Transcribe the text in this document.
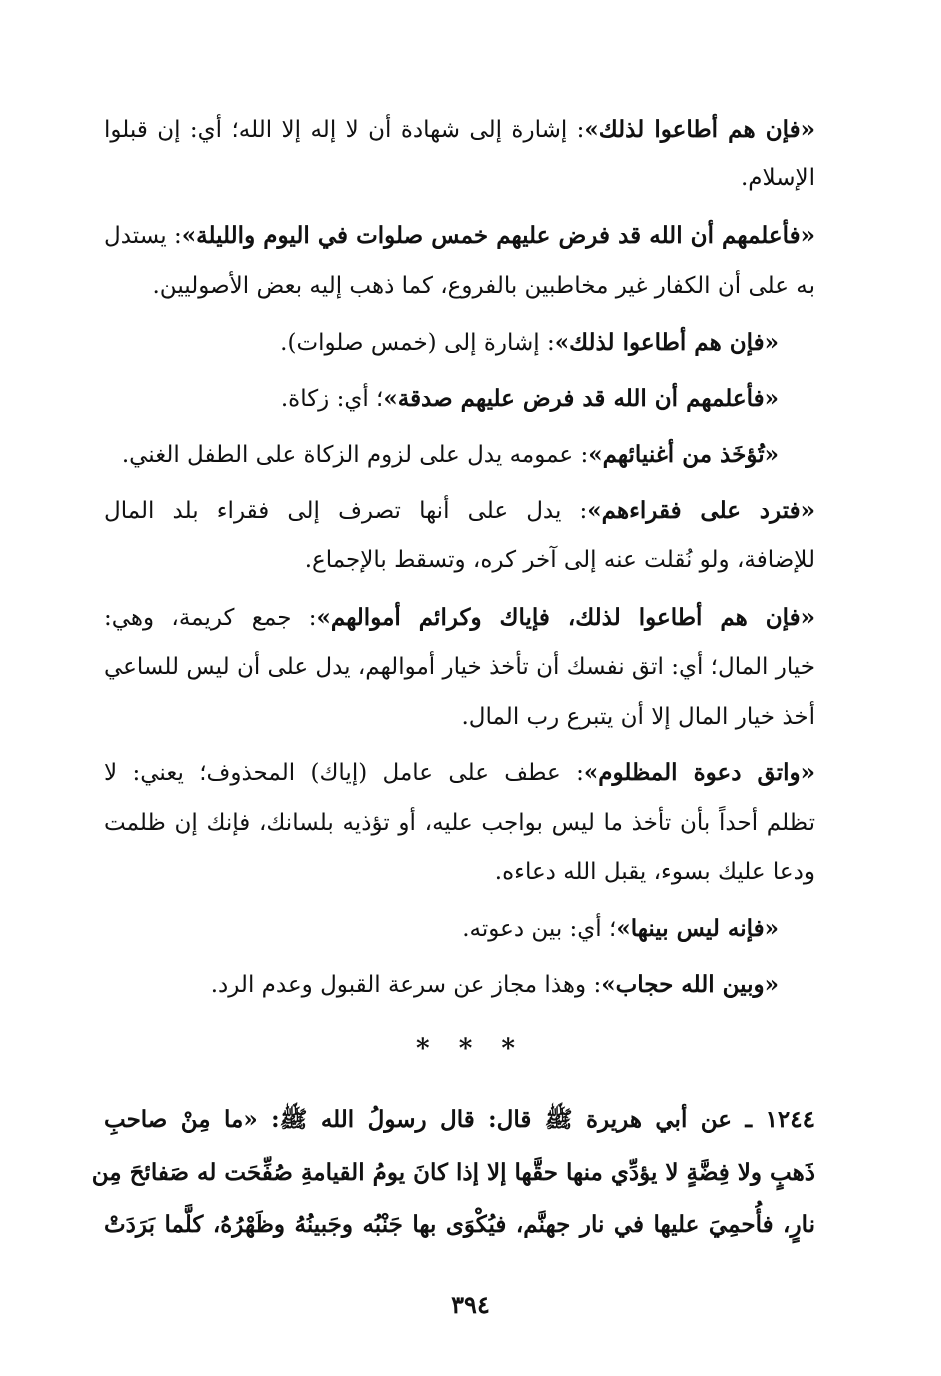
«فإن هم أطاعوا لذلك»: إشارة إلى شهادة أن لا إله إلا الله؛ أي: إن قبلوا
الإسلام.
«فأعلمهم أن الله قد فرض عليهم خمس صلوات في اليوم والليلة»: يستدل
به على أن الكفار غير مخاطبين بالفروع، كما ذهب إليه بعض الأصوليين.
«فإن هم أطاعوا لذلك»: إشارة إلى (خمس صلوات).
«فأعلمهم أن الله قد فرض عليهم صدقة»؛ أي: زكاة.
«تُؤخَذ من أغنيائهم»: عمومه يدل على لزوم الزكاة على الطفل الغني.
«فترد على فقراءهم»: يدل على أنها تصرف إلى فقراء بلد المال
للإضافة، ولو نُقلت عنه إلى آخر كره، وتسقط بالإجماع.
«فإن هم أطاعوا لذلك، فإياك وكرائم أموالهم»: جمع كريمة، وهي:
خيار المال؛ أي: اتق نفسك أن تأخذ خيار أموالهم، يدل على أن ليس للساعي
أخذ خيار المال إلا أن يتبرع رب المال.
«واتق دعوة المظلوم»: عطف على عامل (إياك) المحذوف؛ يعني: لا
تظلم أحداً بأن تأخذ ما ليس بواجب عليه، أو تؤذيه بلسانك، فإنك إن ظلمت
ودعا عليك بسوء، يقبل الله دعاءه.
«فإنه ليس بينها»؛ أي: بين دعوته.
«وبين الله حجاب»: وهذا مجاز عن سرعة القبول وعدم الرد.
* * *
١٢٤٤ ـ عن أبي هريرة ﷺ قال: قال رسولُ الله ﷺ: «ما مِنْ صاحبِ
ذَهبٍ ولا فِضَّةٍ لا يؤدِّي منها حقَّها إلا إذا كانَ يومُ القيامةِ صُفِّحَت له صَفائحَ مِن
نارٍ، فأُحمِيَ عليها في نار جهنَّم، فيُكْوَى بها جَنْبُه وجَبينُهُ وظَهْرُهُ، كلَّما بَرَدَتْ
٣٩٤
